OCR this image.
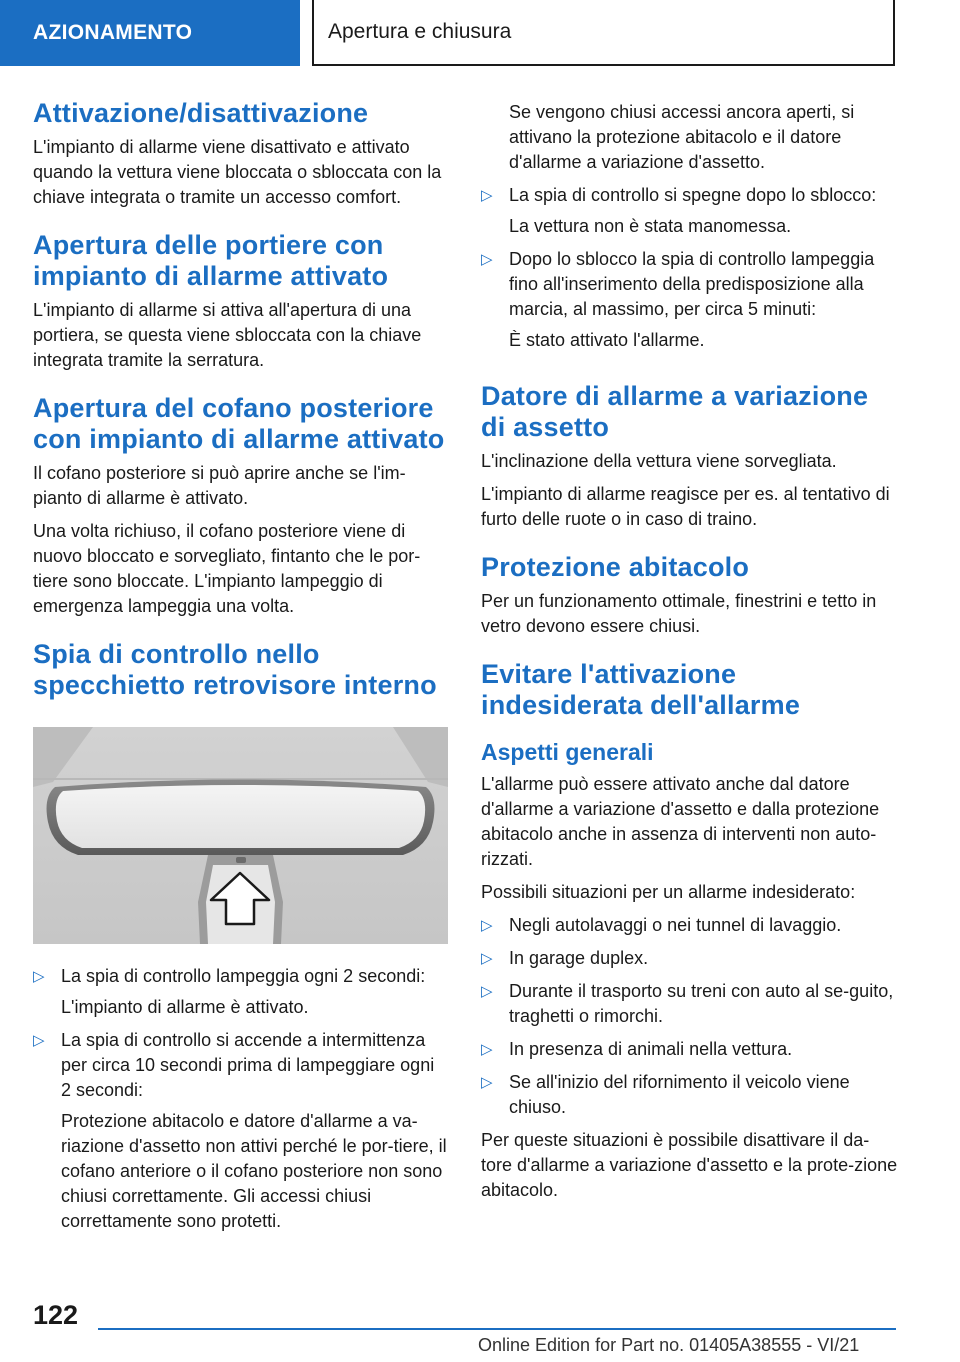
AZIONAMENTO	Apertura e chiusura
Attivazione/disattivazione

L'impianto di allarme viene disattivato e attivato quando la vettura viene bloccata o sbloccata con la chiave integrata o tramite un accesso comfort.

Apertura delle portiere con impianto di allarme attivato

L'impianto di allarme si attiva all'apertura di una portiera, se questa viene sbloccata con la chiave integrata tramite la serratura.

Apertura del cofano posteriore con impianto di allarme attivato

Il cofano posteriore si può aprire anche se l'im-pianto di allarme è attivato.

Una volta richiuso, il cofano posteriore viene di nuovo bloccato e sorvegliato, fintanto che le por-tiere sono bloccate. L'impianto lampeggio di emergenza lampeggia una volta.

Spia di controllo nello specchietto retrovisore interno
▷ La spia di controllo lampeggia ogni 2 secondi:

L'impianto di allarme è attivato.

▷ La spia di controllo si accende a intermittenza per circa 10 secondi prima di lampeggiare ogni 2 secondi:

Protezione abitacolo e datore d'allarme a va-riazione d'assetto non attivi perché le por-tiere, il cofano anteriore o il cofano posteriore non sono chiusi correttamente. Gli accessi chiusi correttamente sono protetti.

Se vengono chiusi accessi ancora aperti, si attivano la protezione abitacolo e il datore d'allarme a variazione d'assetto.

▷ La spia di controllo si spegne dopo lo sblocco:

La vettura non è stata manomessa.

▷ Dopo lo sblocco la spia di controllo lampeggia fino all'inserimento della predisposizione alla marcia, al massimo, per circa 5 minuti:

È stato attivato l'allarme.

Datore di allarme a variazione di assetto

L'inclinazione della vettura viene sorvegliata.

L'impianto di allarme reagisce per es. al tentativo di furto delle ruote o in caso di traino.

Protezione abitacolo

Per un funzionamento ottimale, finestrini e tetto in vetro devono essere chiusi.

Evitare l'attivazione indesiderata dell'allarme
Aspetti generali

L'allarme può essere attivato anche dal datore d'allarme a variazione d'assetto e dalla protezione abitacolo anche in assenza di interventi non auto-rizzati.

Possibili situazioni per un allarme indesiderato:

▷ Negli autolavaggi o nei tunnel di lavaggio.
▷ In garage duplex.
▷ Durante il trasporto su treni con auto al se-guito, traghetti o rimorchi.
▷ In presenza di animali nella vettura.
▷ Se all'inizio del rifornimento il veicolo viene chiuso.

Per queste situazioni è possibile disattivare il da-tore d'allarme a variazione d'assetto e la prote-zione abitacolo.

122
Online Edition for Part no. 01405A38555 - VI/21
